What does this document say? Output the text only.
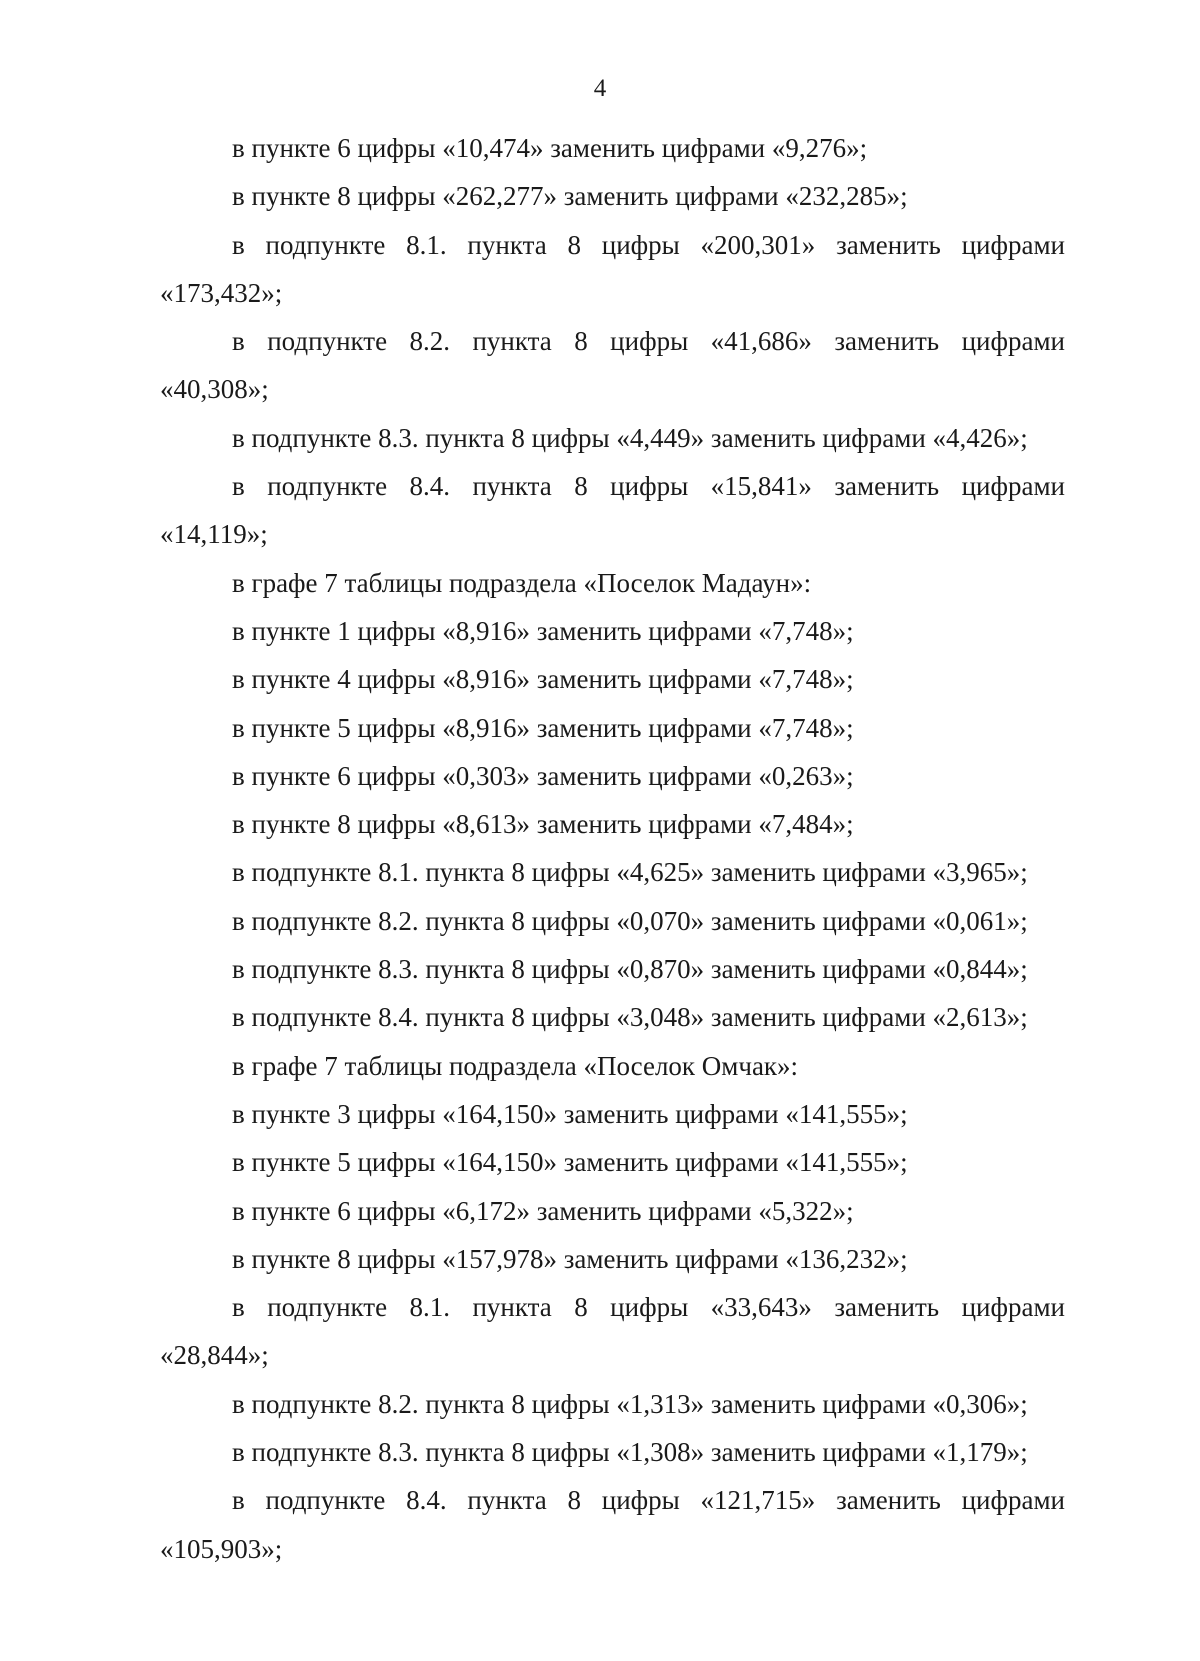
4

в пункте 6 цифры «10,474» заменить цифрами «9,276»;

в пункте 8 цифры «262,277» заменить цифрами «232,285»;

в подпункте 8.1. пункта 8 цифры «200,301» заменить цифрами

«173,432»;

в подпункте 8.2. пункта 8 цифры «41,686» заменить цифрами

«40,308»;

в подпункте 8.3. пункта 8 цифры «4,449» заменить цифрами «4,426»;

в подпункте 8.4. пункта 8 цифры «15,841» заменить цифрами

«14,119»;

в графе 7 таблицы подраздела «Поселок Мадаун»:

в пункте 1 цифры «8,916» заменить цифрами «7,748»;

в пункте 4 цифры «8,916» заменить цифрами «7,748»;

в пункте 5 цифры «8,916» заменить цифрами «7,748»;

в пункте 6 цифры «0,303» заменить цифрами «0,263»;

в пункте 8 цифры «8,613» заменить цифрами «7,484»;

в подпункте 8.1. пункта 8 цифры «4,625» заменить цифрами «3,965»;

в подпункте 8.2. пункта 8 цифры «0,070» заменить цифрами «0,061»;

в подпункте 8.3. пункта 8 цифры «0,870» заменить цифрами «0,844»;

в подпункте 8.4. пункта 8 цифры «3,048» заменить цифрами «2,613»;

в графе 7 таблицы подраздела «Поселок Омчак»:

в пункте 3 цифры «164,150» заменить цифрами «141,555»;

в пункте 5 цифры «164,150» заменить цифрами «141,555»;

в пункте 6 цифры «6,172» заменить цифрами «5,322»;

в пункте 8 цифры «157,978» заменить цифрами «136,232»;

в подпункте 8.1. пункта 8 цифры «33,643» заменить цифрами

«28,844»;

в подпункте 8.2. пункта 8 цифры «1,313» заменить цифрами «0,306»;

в подпункте 8.3. пункта 8 цифры «1,308» заменить цифрами «1,179»;

в подпункте 8.4. пункта 8 цифры «121,715» заменить цифрами

«105,903»;
